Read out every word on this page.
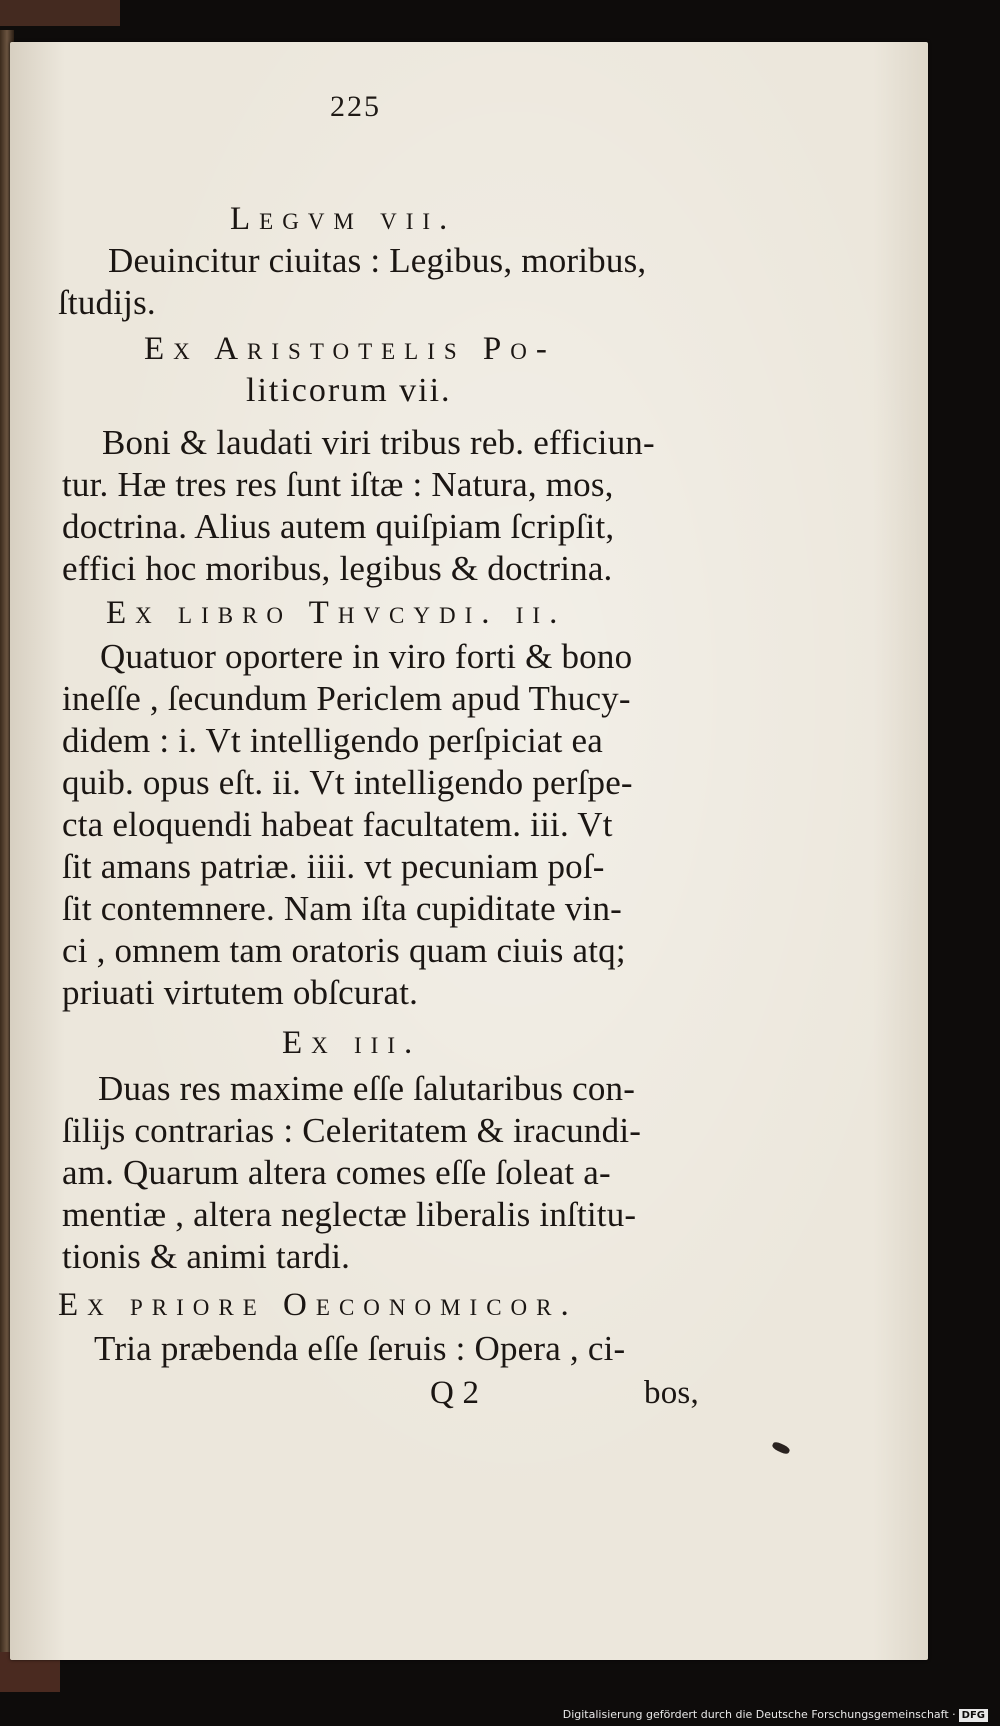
225
Legvm vii.
Deuincitur ciuitas : Legibus, moribus,
ſtudijs.
Ex Aristotelis Po-
liticorum vii.
Boni & laudati viri tribus reb. efficiun-
tur. Hæ tres res ſunt iſtæ : Natura, mos,
doctrina. Alius autem quiſpiam ſcripſit,
effici hoc moribus, legibus & doctrina.
Ex libro Thvcydi. ii.
Quatuor oportere in viro forti & bono
ineſſe , ſecundum Periclem apud Thucy-
didem : i. Vt intelligendo perſpiciat ea
quib. opus eſt. ii. Vt intelligendo perſpe-
cta eloquendi habeat facultatem. iii. Vt
ſit amans patriæ. iiii. vt pecuniam poſ-
ſit contemnere. Nam iſta cupiditate vin-
ci , omnem tam oratoris quam ciuis atq;
priuati virtutem obſcurat.
Ex iii.
Duas res maxime eſſe ſalutaribus con-
ſilijs contrarias : Celeritatem & iracundi-
am. Quarum altera comes eſſe ſoleat a-
mentiæ , altera neglectæ liberalis inſtitu-
tionis & animi tardi.
Ex priore Oeconomicor.
Tria præbenda eſſe ſeruis : Opera , ci-
Q 2	bos,
Digitalisierung gefördert durch die Deutsche Forschungsgemeinschaft · DFG
